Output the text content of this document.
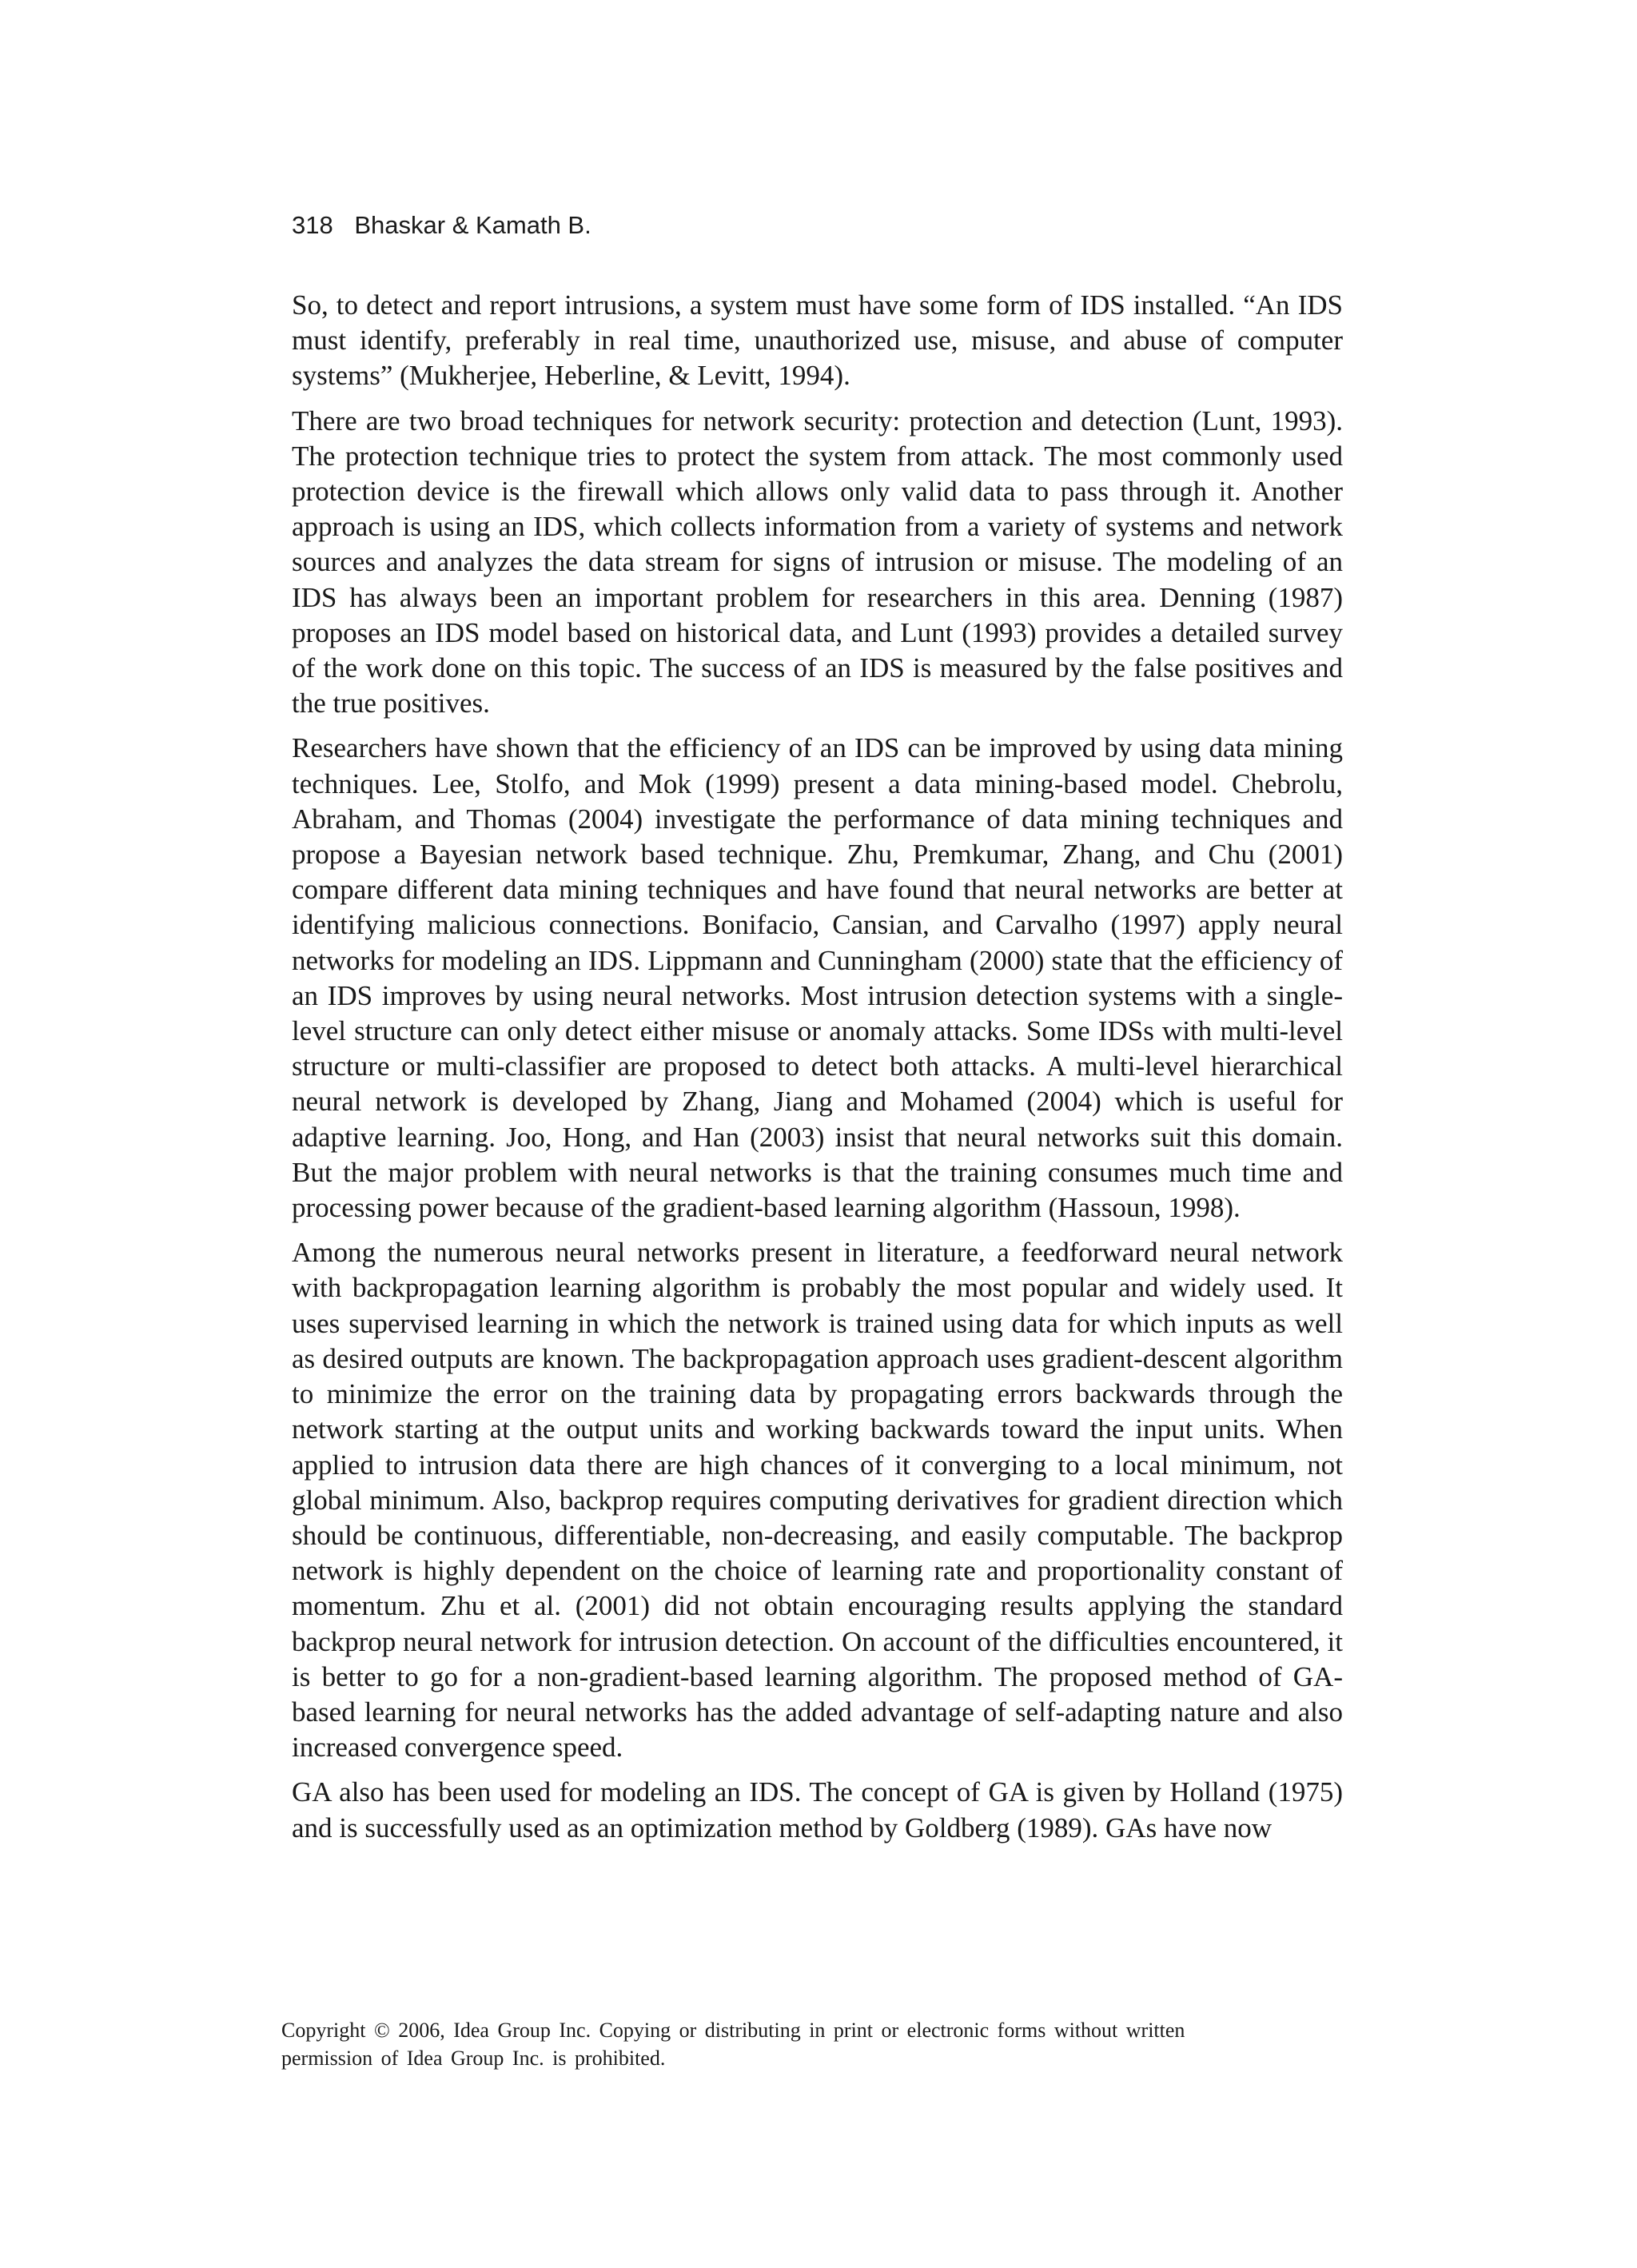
318 Bhaskar & Kamath B.

So, to detect and report intrusions, a system must have some form of IDS installed. “An IDS must identify, preferably in real time, unauthorized use, misuse, and abuse of computer systems” (Mukherjee, Heberline, & Levitt, 1994).

There are two broad techniques for network security: protection and detection (Lunt, 1993). The protection technique tries to protect the system from attack. The most commonly used protection device is the firewall which allows only valid data to pass through it. Another approach is using an IDS, which collects information from a variety of systems and network sources and analyzes the data stream for signs of intrusion or misuse. The modeling of an IDS has always been an important problem for researchers in this area. Denning (1987) proposes an IDS model based on historical data, and Lunt (1993) provides a detailed survey of the work done on this topic. The success of an IDS is measured by the false positives and the true positives.

Researchers have shown that the efficiency of an IDS can be improved by using data mining techniques. Lee, Stolfo, and Mok (1999) present a data mining-based model. Chebrolu, Abraham, and Thomas (2004) investigate the performance of data mining techniques and propose a Bayesian network based technique. Zhu, Premkumar, Zhang, and Chu (2001) compare different data mining techniques and have found that neural networks are better at identifying malicious connections. Bonifacio, Cansian, and Carvalho (1997) apply neural networks for modeling an IDS. Lippmann and Cunningham (2000) state that the efficiency of an IDS improves by using neural networks. Most intrusion detection systems with a single-level structure can only detect either misuse or anomaly attacks. Some IDSs with multi-level structure or multi-classifier are proposed to detect both attacks. A multi-level hierarchical neural network is developed by Zhang, Jiang and Mohamed (2004) which is useful for adaptive learning. Joo, Hong, and Han (2003) insist that neural networks suit this domain. But the major problem with neural networks is that the training consumes much time and processing power because of the gradient-based learning algorithm (Hassoun, 1998).

Among the numerous neural networks present in literature, a feedforward neural network with backpropagation learning algorithm is probably the most popular and widely used. It uses supervised learning in which the network is trained using data for which inputs as well as desired outputs are known. The backpropagation approach uses gradient-descent algorithm to minimize the error on the training data by propagating errors backwards through the network starting at the output units and working backwards toward the input units. When applied to intrusion data there are high chances of it converging to a local minimum, not global minimum. Also, backprop requires computing derivatives for gradient direction which should be continuous, differentiable, non-decreasing, and easily computable. The backprop network is highly dependent on the choice of learning rate and proportionality constant of momentum. Zhu et al. (2001) did not obtain encouraging results applying the standard backprop neural network for intrusion detection. On account of the difficulties encountered, it is better to go for a non-gradient-based learning algorithm. The proposed method of GA-based learning for neural networks has the added advantage of self-adapting nature and also increased convergence speed.

GA also has been used for modeling an IDS. The concept of GA is given by Holland (1975) and is successfully used as an optimization method by Goldberg (1989). GAs have now

Copyright © 2006, Idea Group Inc. Copying or distributing in print or electronic forms without written

permission of Idea Group Inc. is prohibited.
